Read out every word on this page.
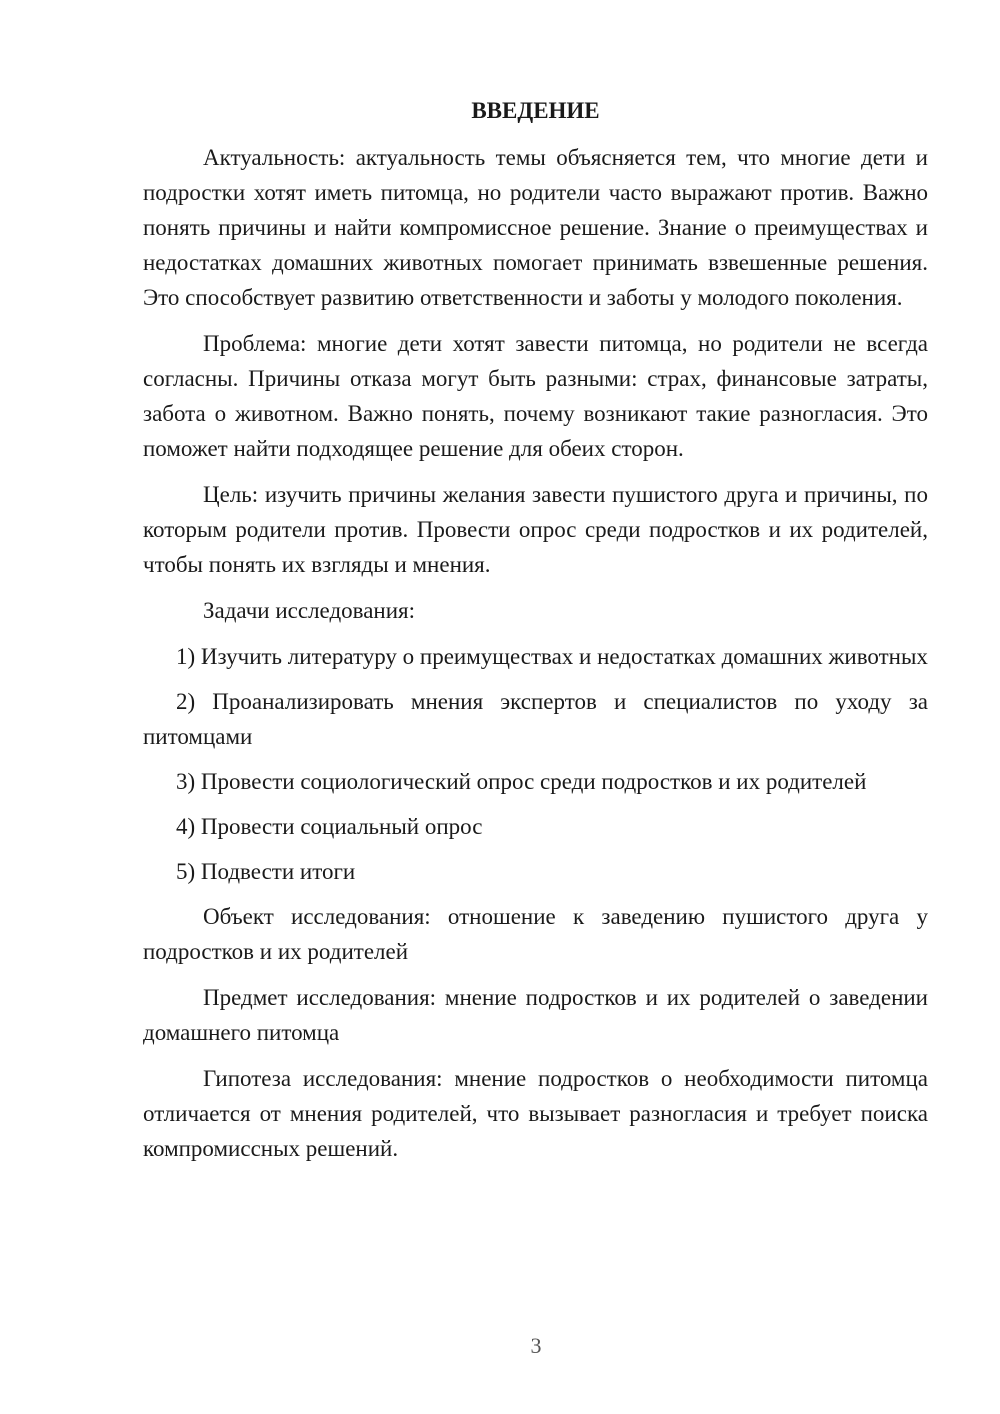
ВВЕДЕНИЕ

Актуальность: актуальность темы объясняется тем, что многие дети и подростки хотят иметь питомца, но родители часто выражают против. Важно понять причины и найти компромиссное решение. Знание о преимуществах и недостатках домашних животных помогает принимать взвешенные решения. Это способствует развитию ответственности и заботы у молодого поколения.

Проблема: многие дети хотят завести питомца, но родители не всегда согласны. Причины отказа могут быть разными: страх, финансовые затраты, забота о животном. Важно понять, почему возникают такие разногласия. Это поможет найти подходящее решение для обеих сторон.

Цель: изучить причины желания завести пушистого друга и причины, по которым родители против. Провести опрос среди подростков и их родителей, чтобы понять их взгляды и мнения.

Задачи исследования:

1) Изучить литературу о преимуществах и недостатках домашних животных

2) Проанализировать мнения экспертов и специалистов по уходу за питомцами

3) Провести социологический опрос среди подростков и их родителей

4) Провести социальный опрос

5) Подвести итоги

Объект исследования: отношение к заведению пушистого друга у подростков и их родителей

Предмет исследования: мнение подростков и их родителей о заведении домашнего питомца

Гипотеза исследования: мнение подростков о необходимости питомца отличается от мнения родителей, что вызывает разногласия и требует поиска компромиссных решений.

3
